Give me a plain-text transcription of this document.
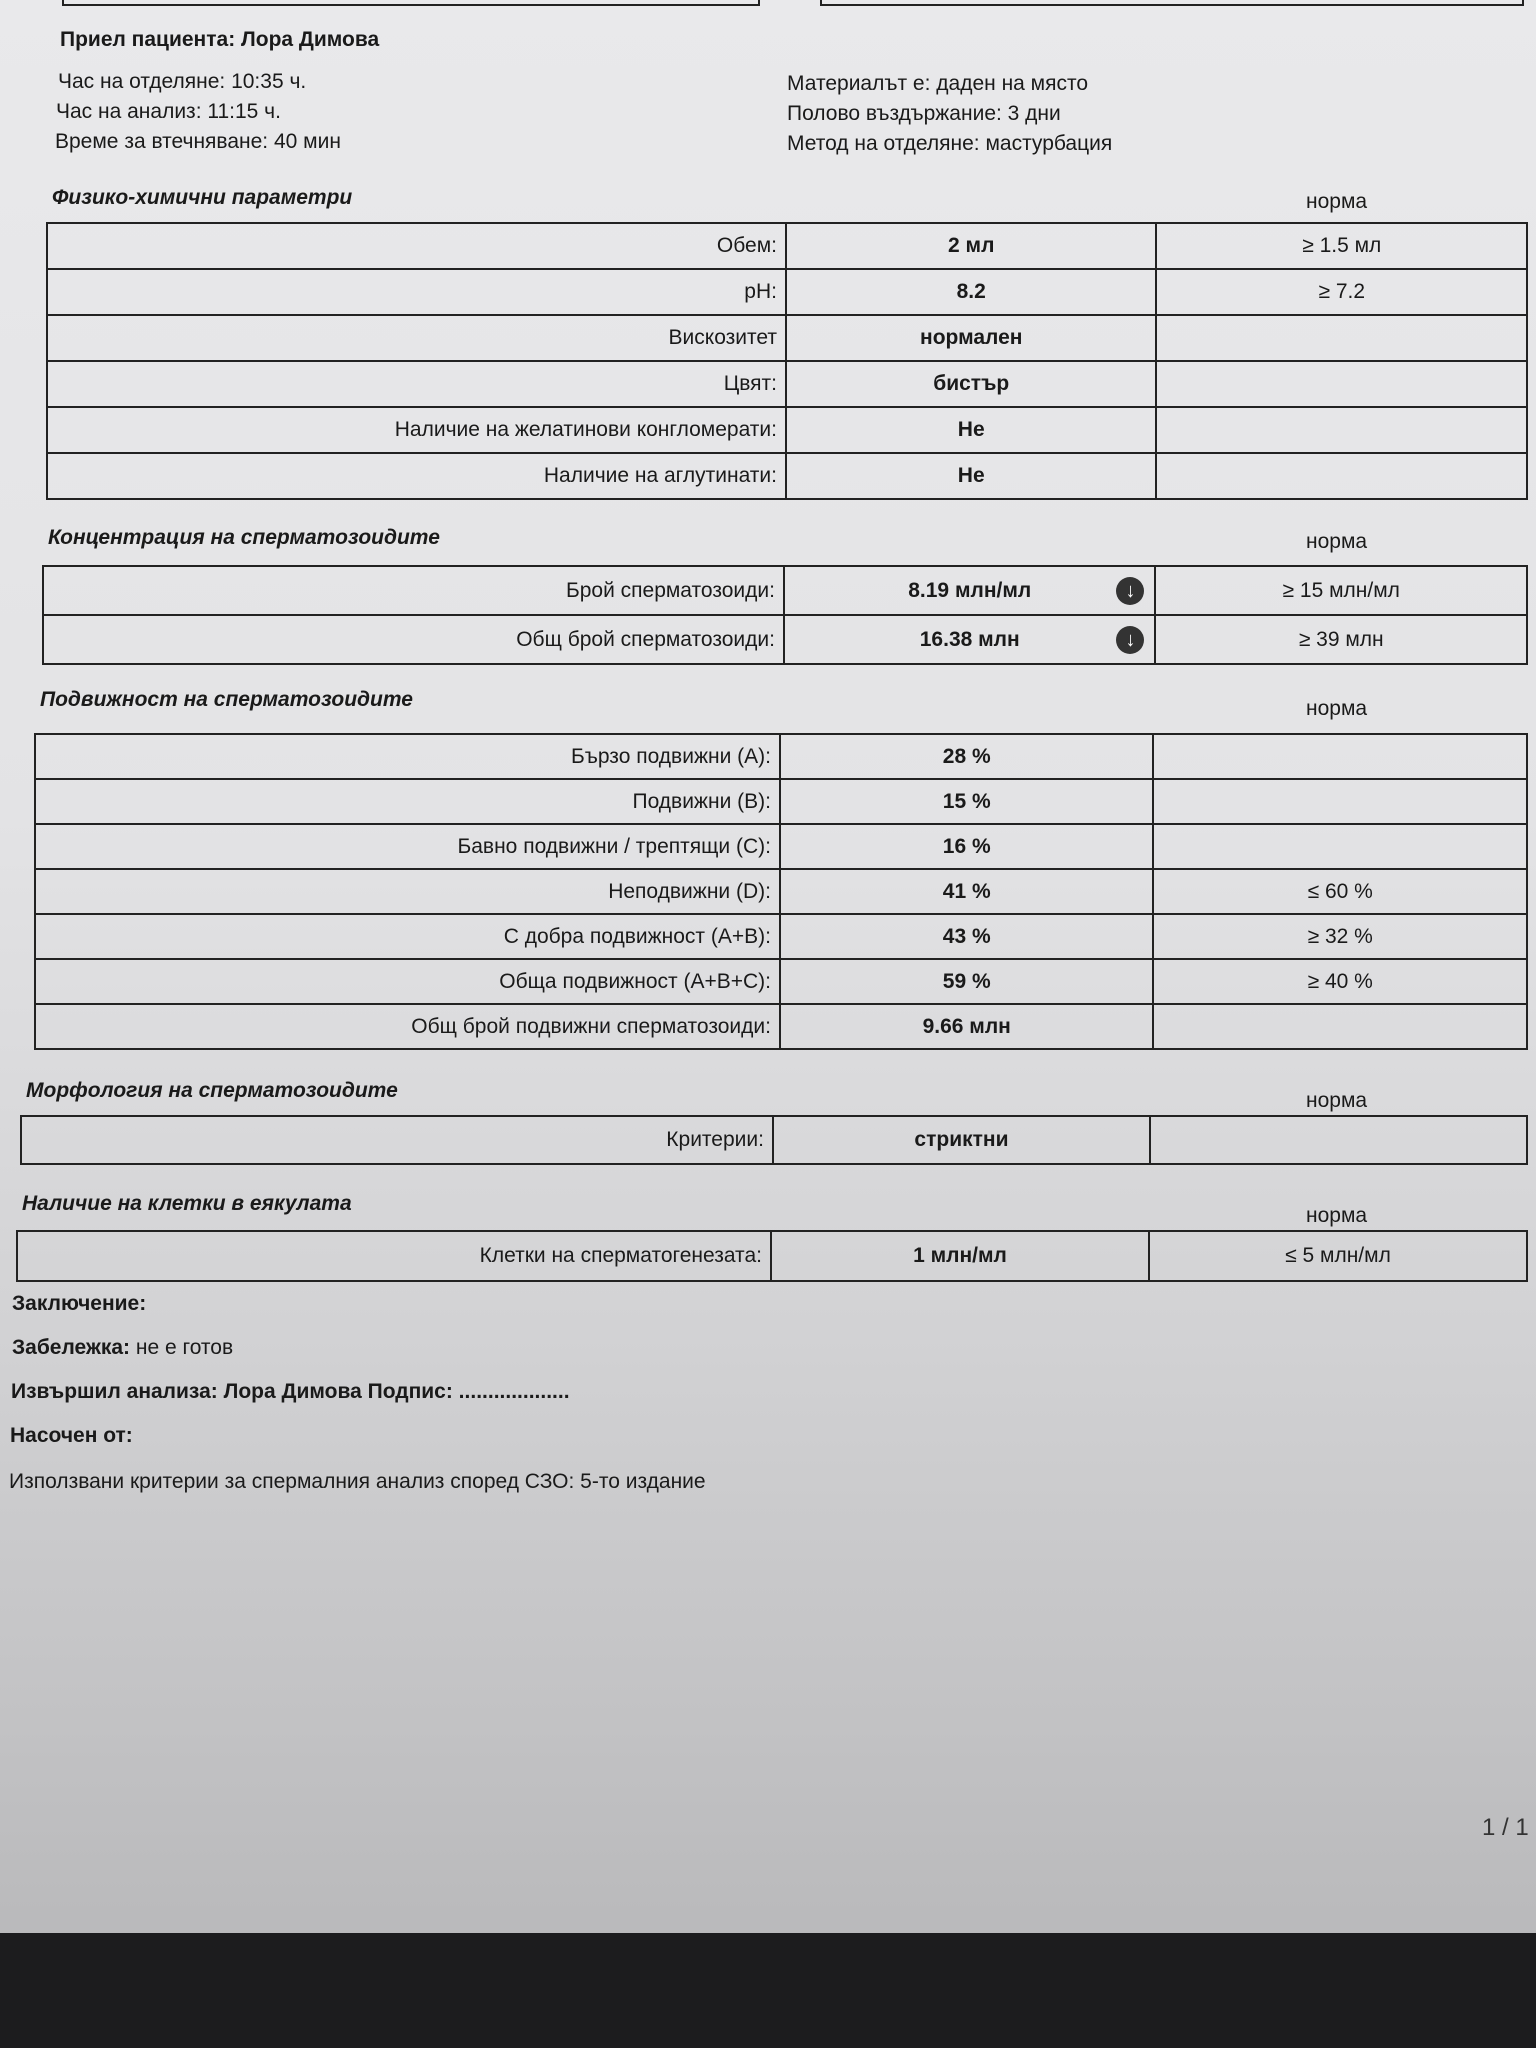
Приел пациента: Лора Димова
Час на отделяне: 10:35 ч.
Час на анализ: 11:15 ч.
Време за втечняване: 40 мин
Материалът е: даден на място
Полово въздържание: 3 дни
Метод на отделяне: мастурбация
Физико-химични параметри	норма
Обем:	2 мл	≥ 1.5 мл
pH:	8.2	≥ 7.2
Вискозитет	нормален	
Цвят:	бистър	
Наличие на желатинови конгломерати:	Не	
Наличие на аглутинати:	Не	
Концентрация на сперматозоидите	норма
Брой сперматозоиди:	8.19 млн/мл ↓	≥ 15 млн/мл
Общ брой сперматозоиди:	16.38 млн ↓	≥ 39 млн
Подвижност на сперматозоидите	норма
Бързо подвижни (A):	28 %	
Подвижни (B):	15 %	
Бавно подвижни / трептящи (C):	16 %	
Неподвижни (D):	41 %	≤ 60 %
С добра подвижност (A+B):	43 %	≥ 32 %
Обща подвижност (A+B+C):	59 %	≥ 40 %
Общ брой подвижни сперматозоиди:	9.66 млн	
Морфология на сперматозоидите	норма
Критерии:	стриктни	
Наличие на клетки в еякулата
норма
Клетки на сперматогенезата:	1 млн/мл	≤ 5 млн/мл
Заключение:
Забележка: не е готов
Извършил анализа: Лора Димова Подпис: ...................
Насочен от:
Използвани критерии за спермалния анализ според СЗО: 5-то издание
1 / 1
